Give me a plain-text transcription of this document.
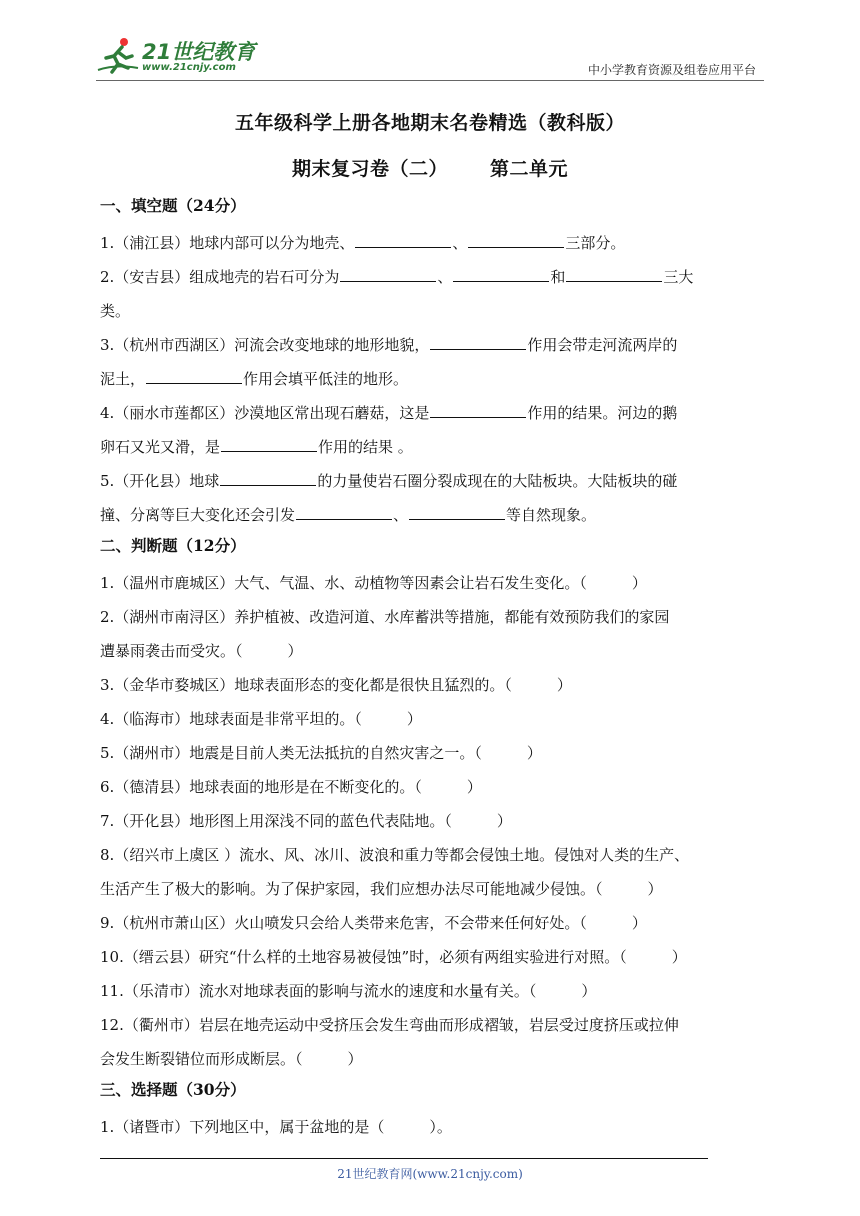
21世纪教育
www.21cnjy.com	中小学教育资源及组卷应用平台
五年级科学上册各地期末名卷精选（教科版）
期末复习卷（二） 第二单元
一、填空题（24分）
1.（浦江县）地球内部可以分为地壳、	、	三部分。
2.（安吉县）组成地壳的岩石可分为	、	和	三大
类。
3.（杭州市西湖区）河流会改变地球的地形地貌，	作用会带走河流两岸的
泥土，	作用会填平低洼的地形。
4.（丽水市莲都区）沙漠地区常出现石蘑菇，这是	作用的结果。河边的鹅
卵石又光又滑，是	作用的结果 。
5.（开化县）地球	的力量使岩石圈分裂成现在的大陆板块。大陆板块的碰
撞、分离等巨大变化还会引发	、	等自然现象。
二、判断题（12分）
1.（温州市鹿城区）大气、气温、水、动植物等因素会让岩石发生变化。（　　　）
2.（湖州市南浔区）养护植被、改造河道、水库蓄洪等措施，都能有效预防我们的家园
遭暴雨袭击而受灾。（　　　）
3.（金华市婺城区）地球表面形态的变化都是很快且猛烈的。（　　　）
4.（临海市）地球表面是非常平坦的。（　　　）
5.（湖州市）地震是目前人类无法抵抗的自然灾害之一。（　　　）
6.（德清县）地球表面的地形是在不断变化的。（　　　）
7.（开化县）地形图上用深浅不同的蓝色代表陆地。（　　　）
8.（绍兴市上虞区 ）流水、风、冰川、波浪和重力等都会侵蚀土地。侵蚀对人类的生产、
生活产生了极大的影响。为了保护家园，我们应想办法尽可能地减少侵蚀。（　　　）
9.（杭州市萧山区）火山喷发只会给人类带来危害，不会带来任何好处。（　　　）
10.（缙云县）研究“什么样的土地容易被侵蚀”时，必须有两组实验进行对照。（　　　）
11.（乐清市）流水对地球表面的影响与流水的速度和水量有关。（　　　）
12.（衢州市）岩层在地壳运动中受挤压会发生弯曲而形成褶皱，岩层受过度挤压或拉伸
会发生断裂错位而形成断层。（　　　）
三、选择题（30分）
1.（诸暨市）下列地区中，属于盆地的是（　　　）。
21世纪教育网(www.21cnjy.com)
